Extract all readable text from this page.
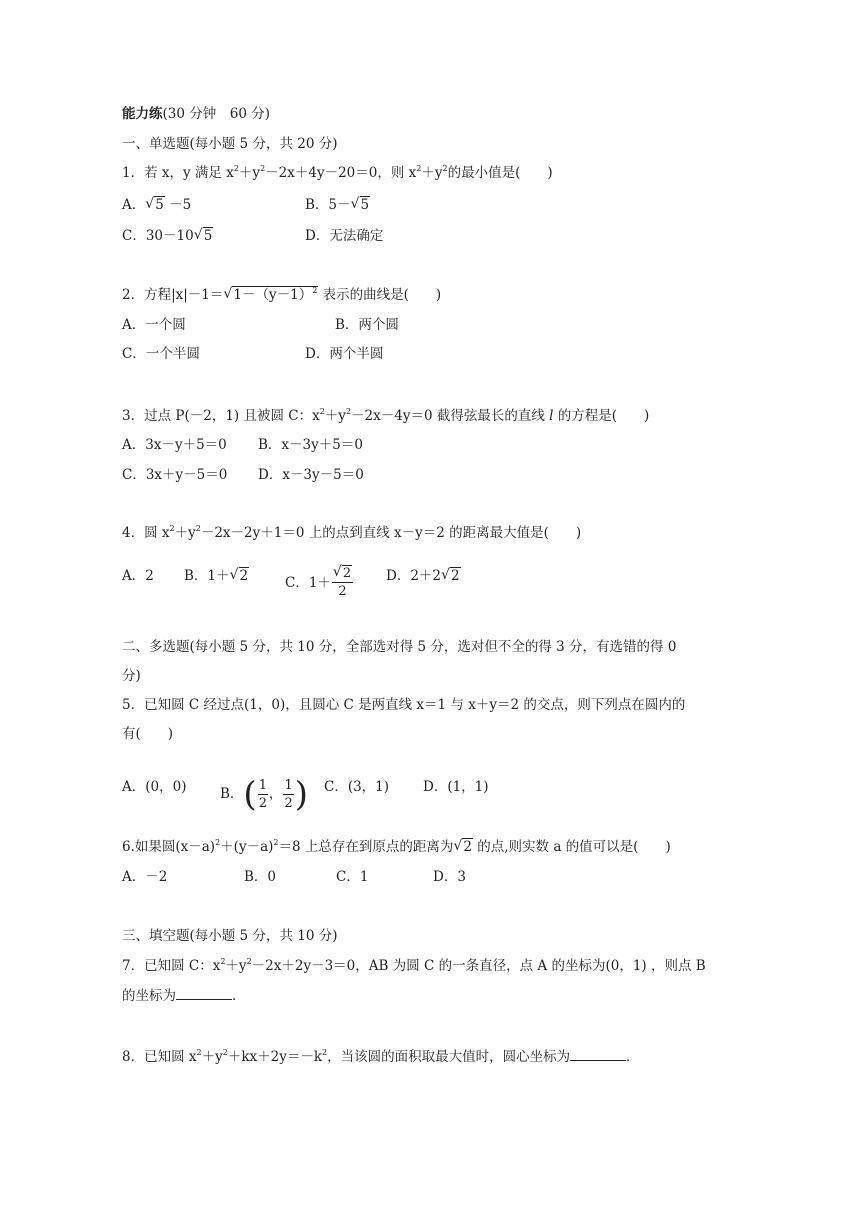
能力练(30 分钟　60 分)
一、单选题(每小题 5 分，共 20 分)
1．若 x，y 满足 $x^2+y^2-2x+4y-20=0$，则 $x^2+y^2$的最小值是(　　)
A． √ 5 －5	B．5－ √ 5
C．30－10 √ 5	D．无法确定
2．方程|x|－1＝ √ $1-(y-1)^2$ 表示的曲线是(　　)
A．一个圆	B．两个圆
C．一个半圆	D．两个半圆
3．过点 P(－2，1) 且被圆 C：$x^2+y^2-2x-4y=0$ 截得弦最长的直线 l 的方程是(　　)
A．3x－y＋5＝0 B．x－3y＋5＝0
C．3x＋y－5＝0 D．x－3y－5＝0
4．圆 $x^2+y^2-2x-2y+1=0$ 上的点到直线 x－y＝2 的距离最大值是(　　)
A．2 B．1＋ √ 2	C．1＋ √ $\frac{2}{2}$ D．2＋2 √ 2
二、多选题(每小题 5 分，共 10 分，全部选对得 5 分，选对但不全的得 3 分，有选错的得 0
分)
5．已知圆 C 经过点(1，0)，且圆心 C 是两直线 x＝1 与 x＋y＝2 的交点，则下列点在圆内的
有(　　)
A．(0，0) B．( $\frac{1}{2}$ ， $\frac{1}{2}$ ) C．(3，1)	D．(1，1)
6.如果圆$(x-a)^2+(y-a)^2=8$ 上总存在到原点的距离为 √ 2 的点,则实数 a 的值可以是(　　)
A．－2	B．0	C．1	D．3
三、填空题(每小题 5 分，共 10 分)
7．已知圆 C：$x^2+y^2-2x+2y-3=0$，AB 为圆 C 的一条直径，点 A 的坐标为(0，1) ，则点 B
的坐标为	．
8．已知圆 $x^2+y^2+kx+2y=-k^2$，当该圆的面积取最大值时，圆心坐标为	．
